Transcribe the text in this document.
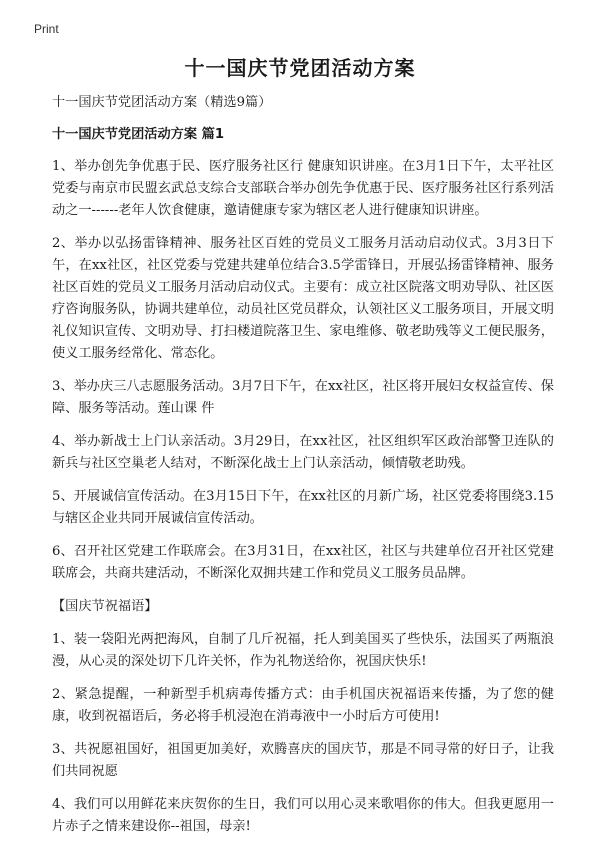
Print
十一国庆节党团活动方案

十一国庆节党团活动方案（精选9篇）

十一国庆节党团活动方案 篇1

1、举办创先争优惠于民、医疗服务社区行 健康知识讲座。在3月1日下午，太平社区党委与南京市民盟玄武总支综合支部联合举办创先争优惠于民、医疗服务社区行系列活动之一------老年人饮食健康，邀请健康专家为辖区老人进行健康知识讲座。

2、举办以弘扬雷锋精神、服务社区百姓的党员义工服务月活动启动仪式。3月3日下午，在xx社区，社区党委与党建共建单位结合3.5学雷锋日，开展弘扬雷锋精神、服务社区百姓的党员义工服务月活动启动仪式。主要有：成立社区院落文明劝导队、社区医疗咨询服务队，协调共建单位，动员社区党员群众，认领社区义工服务项目，开展文明礼仪知识宣传、文明劝导、打扫楼道院落卫生、家电维修、敬老助残等义工便民服务，使义工服务经常化、常态化。

3、举办庆三八志愿服务活动。3月7日下午，在xx社区，社区将开展妇女权益宣传、保障、服务等活动。莲山课 件

4、举办新战士上门认亲活动。3月29日，在xx社区，社区组织军区政治部警卫连队的新兵与社区空巢老人结对，不断深化战士上门认亲活动，倾情敬老助残。

5、开展诚信宣传活动。在3月15日下午，在xx社区的月新广场，社区党委将围绕3.15与辖区企业共同开展诚信宣传活动。

6、召开社区党建工作联席会。在3月31日，在xx社区，社区与共建单位召开社区党建联席会，共商共建活动，不断深化双拥共建工作和党员义工服务员品牌。

【国庆节祝福语】

1、装一袋阳光两把海风，自制了几斤祝福，托人到美国买了些快乐，法国买了两瓶浪漫，从心灵的深处切下几许关怀，作为礼物送给你，祝国庆快乐!

2、紧急提醒，一种新型手机病毒传播方式：由手机国庆祝福语来传播，为了您的健康，收到祝福语后，务必将手机浸泡在消毒液中一小时后方可使用!

3、共祝愿祖国好，祖国更加美好，欢腾喜庆的国庆节，那是不同寻常的好日子，让我们共同祝愿

4、我们可以用鲜花来庆贺你的生日，我们可以用心灵来歌唱你的伟大。但我更愿用一片赤子之情来建设你--祖国，母亲!
